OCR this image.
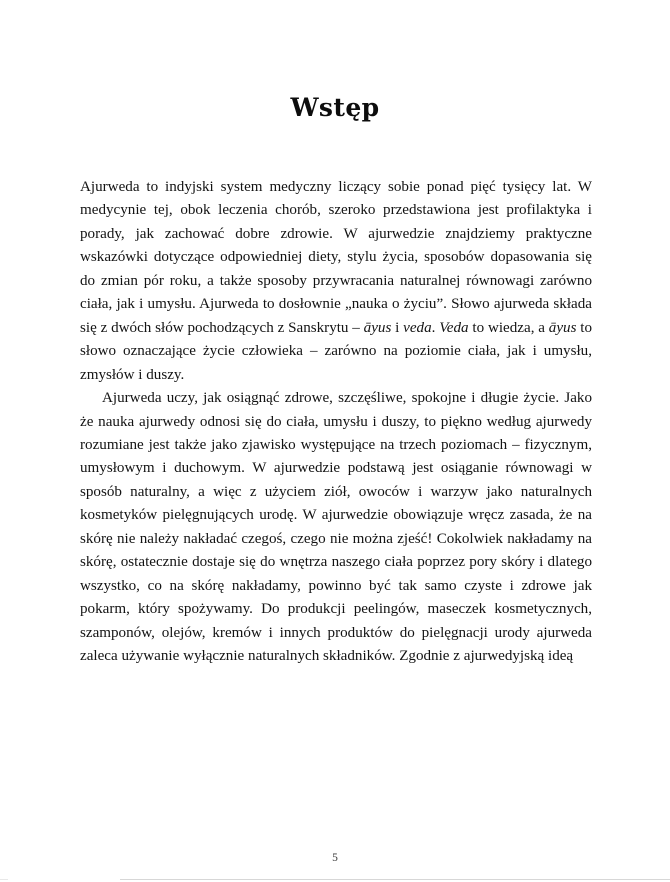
Wstęp

Ajurweda to indyjski system medyczny liczący sobie ponad pięć tysięcy lat. W medycynie tej, obok leczenia chorób, szeroko przedstawiona jest profilaktyka i porady, jak zachować dobre zdrowie. W ajurwedzie znajdziemy praktyczne wskazówki dotyczące odpowiedniej diety, stylu życia, sposobów dopasowania się do zmian pór roku, a także sposoby przywracania naturalnej równowagi zarówno ciała, jak i umysłu. Ajurweda to dosłownie „nauka o życiu”. Słowo ajurweda składa się z dwóch słów pochodzących z Sanskrytu – āyus i veda. Veda to wiedza, a āyus to słowo oznaczające życie człowieka – zarówno na poziomie ciała, jak i umysłu, zmysłów i duszy.

Ajurweda uczy, jak osiągnąć zdrowe, szczęśliwe, spokojne i długie życie. Jako że nauka ajurwedy odnosi się do ciała, umysłu i duszy, to piękno według ajurwedy rozumiane jest także jako zjawisko występujące na trzech poziomach – fizycznym, umysłowym i duchowym. W ajurwedzie podstawą jest osiąganie równowagi w sposób naturalny, a więc z użyciem ziół, owoców i warzyw jako naturalnych kosmetyków pielęgnujących urodę. W ajurwedzie obowiązuje wręcz zasada, że na skórę nie należy nakładać czegoś, czego nie można zjeść! Cokolwiek nakładamy na skórę, ostatecznie dostaje się do wnętrza naszego ciała poprzez pory skóry i dlatego wszystko, co na skórę nakładamy, powinno być tak samo czyste i zdrowe jak pokarm, który spożywamy. Do produkcji peelingów, maseczek kosmetycznych, szamponów, olejów, kremów i innych produktów do pielęgnacji urody ajurweda zaleca używanie wyłącznie naturalnych składników. Zgodnie z ajurwedyjską ideą

5
